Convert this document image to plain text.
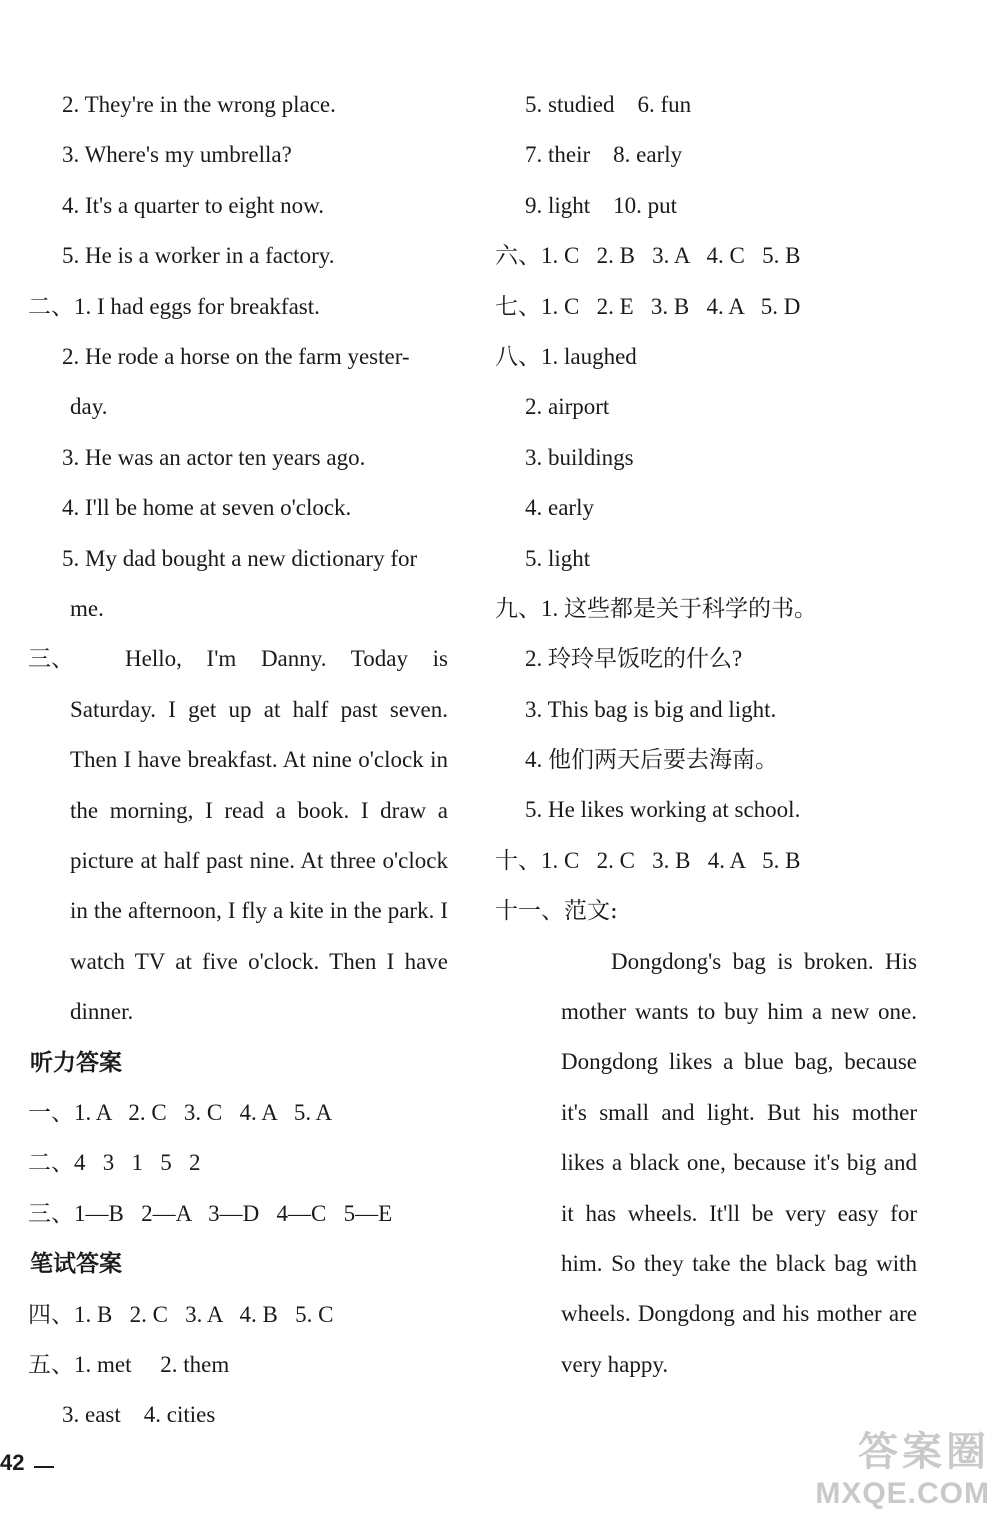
2. They're in the wrong place.
3. Where's my umbrella?
4. It's a quarter to eight now.
5. He is a worker in a factory.
二、1. I had eggs for breakfast.
2. He rode a horse on the farm yester-
day.
3. He was an actor ten years ago.
4. I'll be home at seven o'clock.
5. My dad bought a new dictionary for
me.
三、 Hello, I'm Danny. Today is Saturday. I get up at half past seven. Then I have breakfast. At nine o'clock in the morning, I read a book. I draw a picture at half past nine. At three o'clock in the afternoon, I fly a kite in the park. I watch TV at five o'clock. Then I have dinner.
听力答案
一、1. A   2. C   3. C   4. A   5. A
二、4   3   1   5   2
三、1—B   2—A   3—D   4—C   5—E
笔试答案
四、1. B   2. C   3. A   4. B   5. C
五、1. met     2. them
3. east    4. cities
5. studied    6. fun
7. their    8. early
9. light    10. put
六、1. C   2. B   3. A   4. C   5. B
七、1. C   2. E   3. B   4. A   5. D
八、1. laughed
2. airport
3. buildings
4. early
5. light
九、1. 这些都是关于科学的书。
2. 玲玲早饭吃的什么?
3. This bag is big and light.
4. 他们两天后要去海南。
5. He likes working at school.
十、1. C   2. C   3. B   4. A   5. B
十一、范文:
Dongdong's bag is broken. His mother wants to buy him a new one. Dongdong likes a blue bag, because it's small and light. But his mother likes a black one, because it's big and it has wheels. It'll be very easy for him. So they take the black bag with wheels. Dongdong and his mother are very happy.
42	答案圈
MXQE.COM
